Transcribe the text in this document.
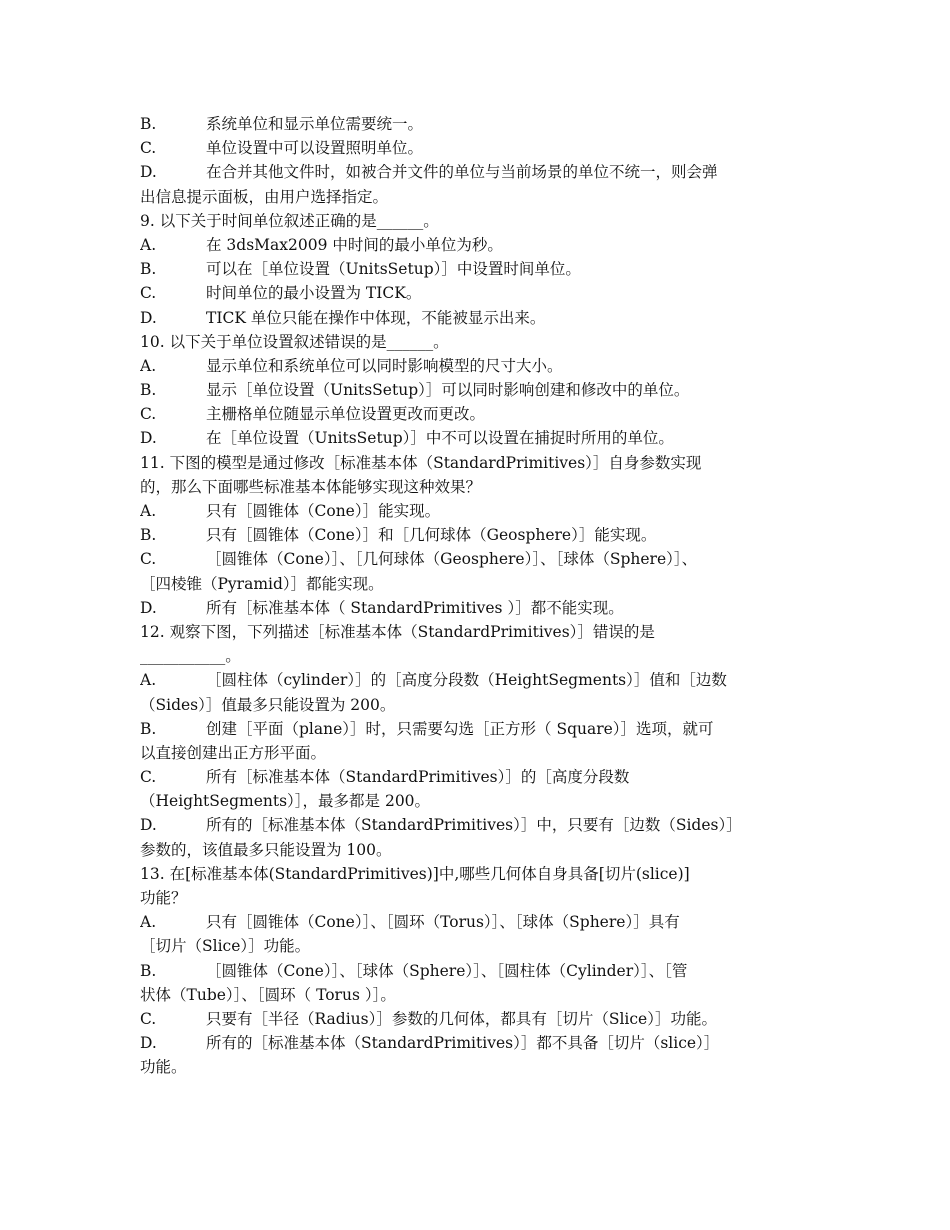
B.	系统单位和显示单位需要统一。
C.	单位设置中可以设置照明单位。
D.	在合并其他文件时，如被合并文件的单位与当前场景的单位不统一，则会弹
出信息提示面板，由用户选择指定。
9. 以下关于时间单位叙述正确的是______。
A.	在 3dsMax2009 中时间的最小单位为秒。
B.	可以在［单位设置（UnitsSetup）］中设置时间单位。
C.	时间单位的最小设置为 TICK。
D.	TICK 单位只能在操作中体现，不能被显示出来。
10. 以下关于单位设置叙述错误的是______。
A.	显示单位和系统单位可以同时影响模型的尺寸大小。
B.	显示［单位设置（UnitsSetup）］可以同时影响创建和修改中的单位。
C.	主栅格单位随显示单位设置更改而更改。
D.	在［单位设置（UnitsSetup）］中不可以设置在捕捉时所用的单位。
11. 下图的模型是通过修改［标准基本体（StandardPrimitives）］自身参数实现
的，那么下面哪些标准基本体能够实现这种效果？
A.	只有［圆锥体（Cone）］能实现。
B.	只有［圆锥体（Cone）］和［几何球体（Geosphere）］能实现。
C.	［圆锥体（Cone）］、［几何球体（Geosphere）］、［球体（Sphere）］、
［四棱锥（Pyramid）］都能实现。
D.	所有［标准基本体（ StandardPrimitives ）］都不能实现。
12. 观察下图，下列描述［标准基本体（StandardPrimitives）］错误的是
___________。
A.	［圆柱体（cylinder）］的［高度分段数（HeightSegments）］值和［边数
（Sides）］值最多只能设置为 200。
B.	创建［平面（plane）］时，只需要勾选［正方形（ Square）］选项，就可
以直接创建出正方形平面。
C.	所有［标准基本体（StandardPrimitives）］的［高度分段数
（HeightSegments）］，最多都是 200。
D.	所有的［标准基本体（StandardPrimitives）］中，只要有［边数（Sides）］
参数的，该值最多只能设置为 100。
13. 在[标准基本体(StandardPrimitives)]中,哪些几何体自身具备[切片(slice)]
功能？
A.	只有［圆锥体（Cone）］、［圆环（Torus）］、［球体（Sphere）］具有
［切片（Slice）］功能。
B.	［圆锥体（Cone）］、［球体（Sphere）］、［圆柱体（Cylinder）］、［管
状体（Tube）］、［圆环（ Torus ）］。
C.	只要有［半径（Radius）］参数的几何体，都具有［切片（Slice）］功能。
D.	所有的［标准基本体（StandardPrimitives）］都不具备［切片（slice）］
功能。
